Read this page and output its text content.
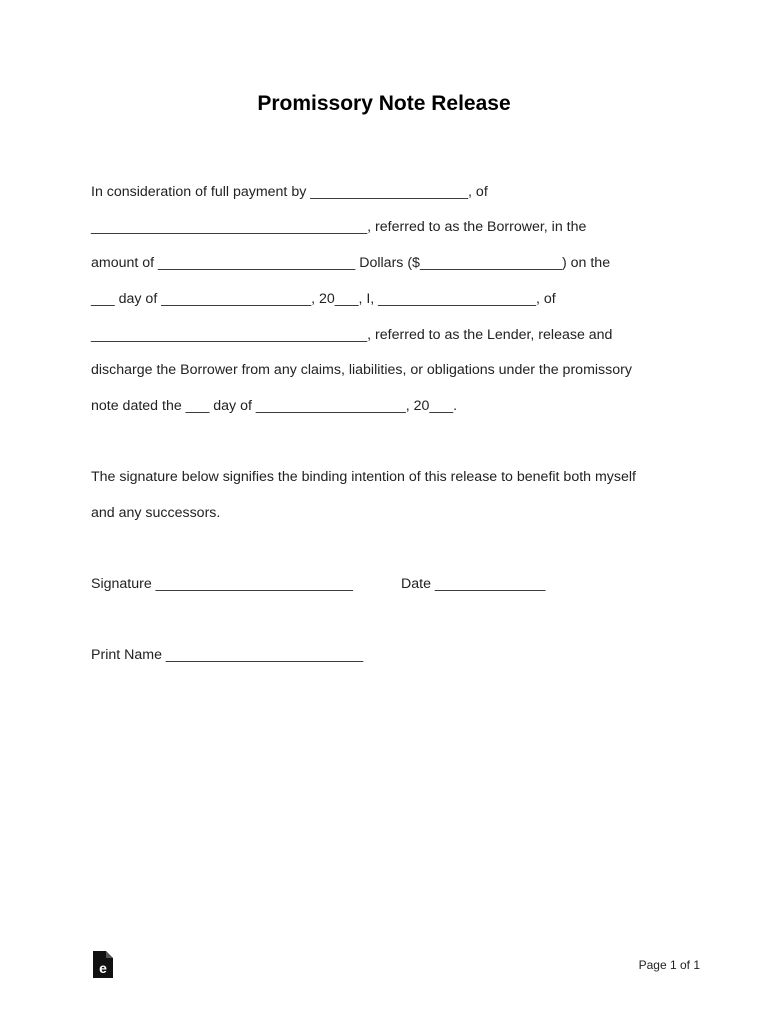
Promissory Note Release
In consideration of full payment by ____________________, of
___________________________________, referred to as the Borrower, in the
amount of _________________________ Dollars ($__________________) on the
___ day of ___________________, 20___, I, ____________________, of
___________________________________, referred to as the Lender, release and
discharge the Borrower from any claims, liabilities, or obligations under the promissory
note dated the ___ day of ___________________, 20___.
The signature below signifies the binding intention of this release to benefit both myself
and any successors.
Signature _________________________	Date ______________
Print Name _________________________
e	Page 1 of 1
